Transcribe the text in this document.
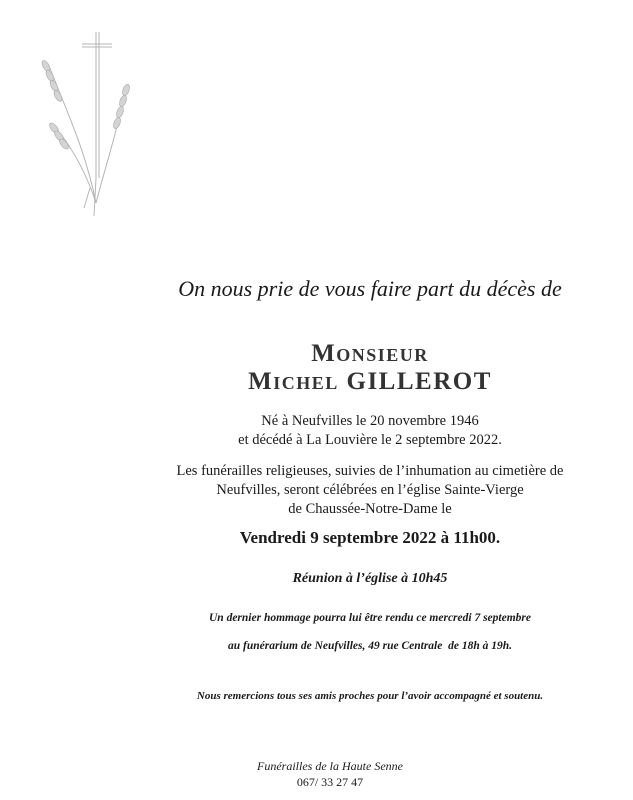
On nous prie de vous faire part du décès de
Monsieur
Michel GILLEROT
Né à Neufvilles le 20 novembre 1946
et décédé à La Louvière le 2 septembre 2022.
Les funérailles religieuses, suivies de l’inhumation au cimetière de
Neufvilles, seront célébrées en l’église Sainte-Vierge
de Chaussée-Notre-Dame le
Vendredi 9 septembre 2022 à 11h00.
Réunion à l’église à 10h45
Un dernier hommage pourra lui être rendu ce mercredi 7 septembre
au funérarium de Neufvilles, 49 rue Centrale  de 18h à 19h.
Nous remercions tous ses amis proches pour l’avoir accompagné et soutenu.
Funérailles de la Haute Senne
067/ 33 27 47
